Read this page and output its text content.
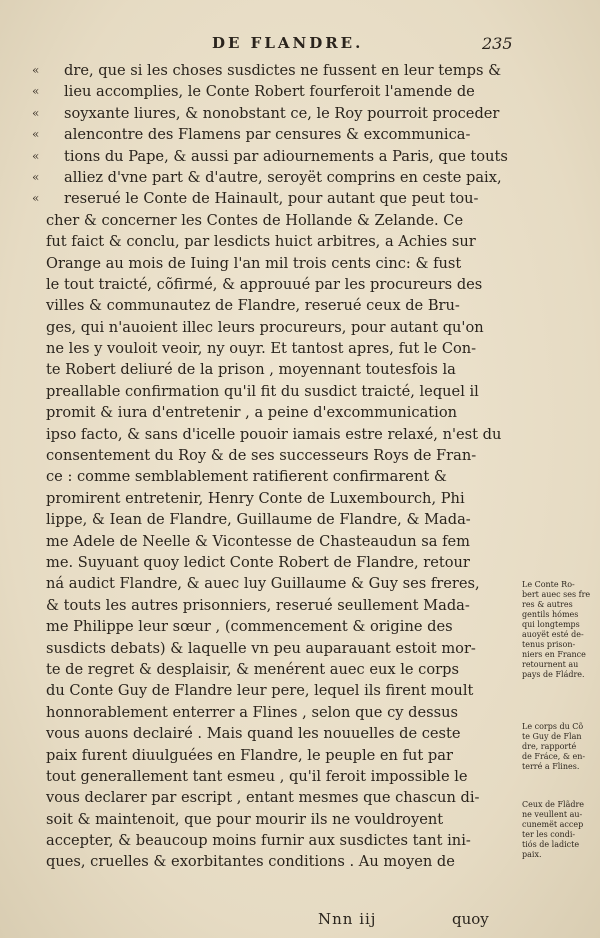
DE FLANDRE.	235
« dre, que si les choses susdictes ne fussent en leur temps &
« lieu accomplies, le Conte Robert fourferoit l'amende de
« soyxante liures, & nonobstant ce, le Roy pourroit proceder
« alencontre des Flamens par censures & excommunica-
« tions du Pape, & aussi par adiournements a Paris, que touts
« alliez d'vne part & d'autre, seroyët comprins en ceste paix,
« reserué le Conte de Hainault, pour autant que peut tou-
cher & concerner les Contes de Hollande & Zelande. Ce
fut faict & conclu, par lesdicts huict arbitres, a Achies sur
Orange au mois de Iuing l'an mil trois cents cinc: & fust
le tout traicté, cõfirmé, & approuué par les procureurs des
villes & communautez de Flandre, reserué ceux de Bru-
ges, qui n'auoient illec leurs procureurs, pour autant qu'on
ne les y vouloit veoir, ny ouyr. Et tantost apres, fut le Con-
te Robert deliuré de la prison , moyennant toutesfois la
preallable confirmation qu'il fit du susdict traicté, lequel il
promit & iura d'entretenir , a peine d'excommunication
ipso facto, & sans d'icelle pouoir iamais estre relaxé, n'est du
consentement du Roy & de ses successeurs Roys de Fran-
ce : comme semblablement ratifierent confirmarent &
promirent entretenir, Henry Conte de Luxembourch, Phi
lippe, & Iean de Flandre, Guillaume de Flandre, & Mada-
me Adele de Neelle & Vicontesse de Chasteaudun sa fem
me. Suyuant quoy ledict Conte Robert de Flandre, retour
ná audict Flandre, & auec luy Guillaume & Guy ses freres,
& touts les autres prisonniers, reserué seullement Mada-
me Philippe leur sœur , (commencement & origine des
susdicts debats) & laquelle vn peu auparauant estoit mor-
te de regret & desplaisir, & menérent auec eux le corps
du Conte Guy de Flandre leur pere, lequel ils firent moult
honnorablement enterrer a Flines , selon que cy dessus
vous auons declairé . Mais quand les nouuelles de ceste
paix furent diuulguées en Flandre, le peuple en fut par
tout generallement tant esmeu , qu'il feroit impossible le
vous declarer par escript , entant mesmes que chascun di-
soit & maintenoit, que pour mourir ils ne vouldroyent
accepter, & beaucoup moins furnir aux susdictes tant ini-
ques, cruelles & exorbitantes conditions . Au moyen de
Le Conte Ro-
bert auec ses fre
res & autres
gentils hómes
qui longtemps
auoyët esté de-
tenus prison-
niers en France
retournent au
pays de Fládre.
Le corps du Cõ
te Guy de Flan
dre, rapporté
de Fráce, & en-
terré a Flines.
Ceux de Flãdre
ne veullent au-
cunemët accep
ter les condi-
tiós de ladicte
paix.
Nnn iij	quoy
